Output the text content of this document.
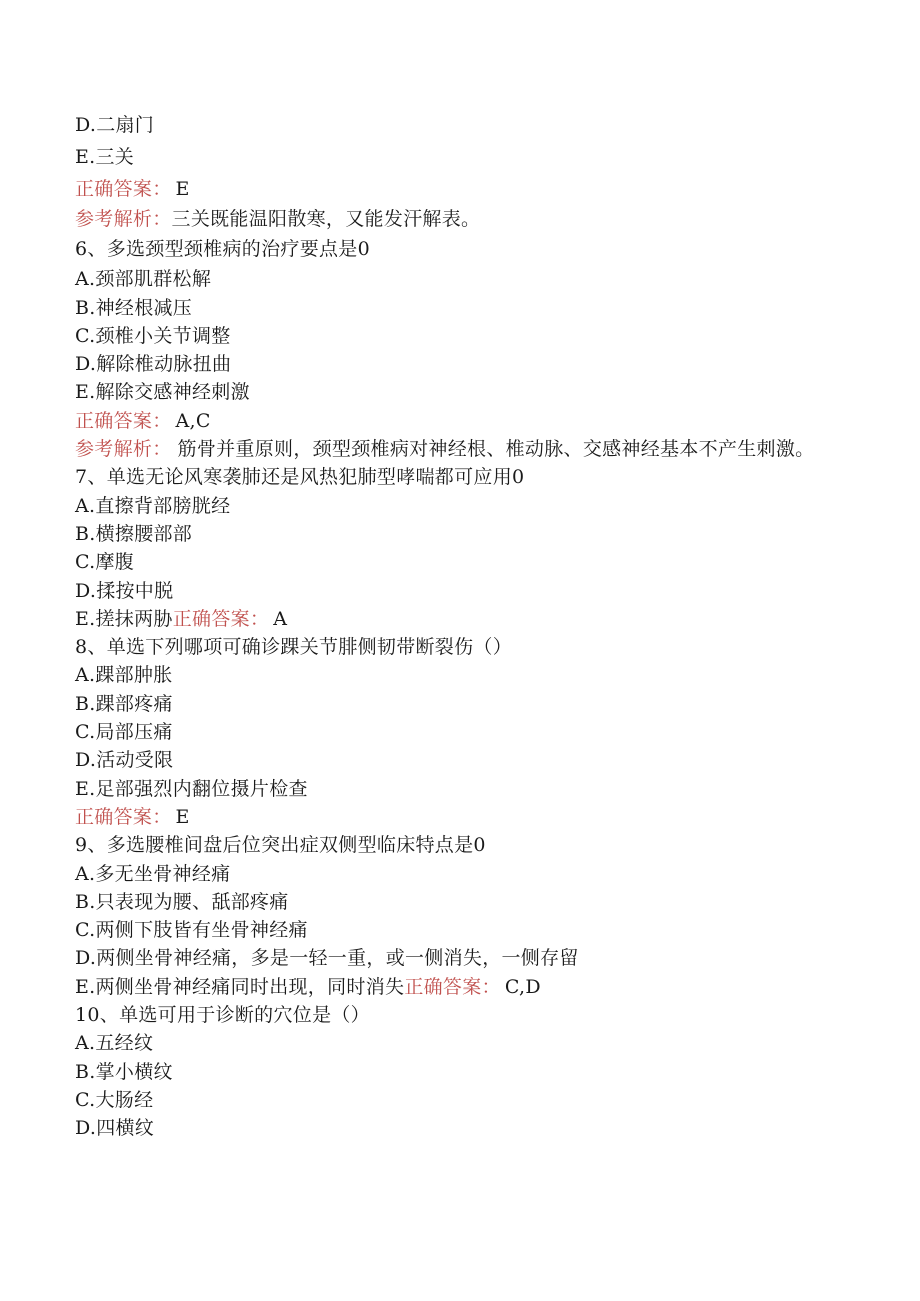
D.二扇门
E.三关
正确答案： E
参考解析：三关既能温阳散寒，又能发汗解表。
6、多选颈型颈椎病的治疗要点是0
A.颈部肌群松解
B.神经根减压
C.颈椎小关节调整
D.解除椎动脉扭曲
E.解除交感神经刺激
正确答案： A,C
参考解析： 筋骨并重原则，颈型颈椎病对神经根、椎动脉、交感神经基本不产生刺激。
7、单选无论风寒袭肺还是风热犯肺型哮喘都可应用0
A.直擦背部膀胱经
B.横擦腰部部
C.摩腹
D.揉按中脱
E.搓抹两胁正确答案： A
8、单选下列哪项可确诊踝关节腓侧韧带断裂伤（）
A.踝部肿胀
B.踝部疼痛
C.局部压痛
D.活动受限
E.足部强烈内翻位摄片检查
正确答案： E
9、多选腰椎间盘后位突出症双侧型临床特点是0
A.多无坐骨神经痛
B.只表现为腰、舐部疼痛
C.两侧下肢皆有坐骨神经痛
D.两侧坐骨神经痛，多是一轻一重，或一侧消失，一侧存留
E.两侧坐骨神经痛同时出现，同时消失正确答案： C,D
10、单选可用于诊断的穴位是（）
A.五经纹
B.掌小横纹
C.大肠经
D.四横纹
